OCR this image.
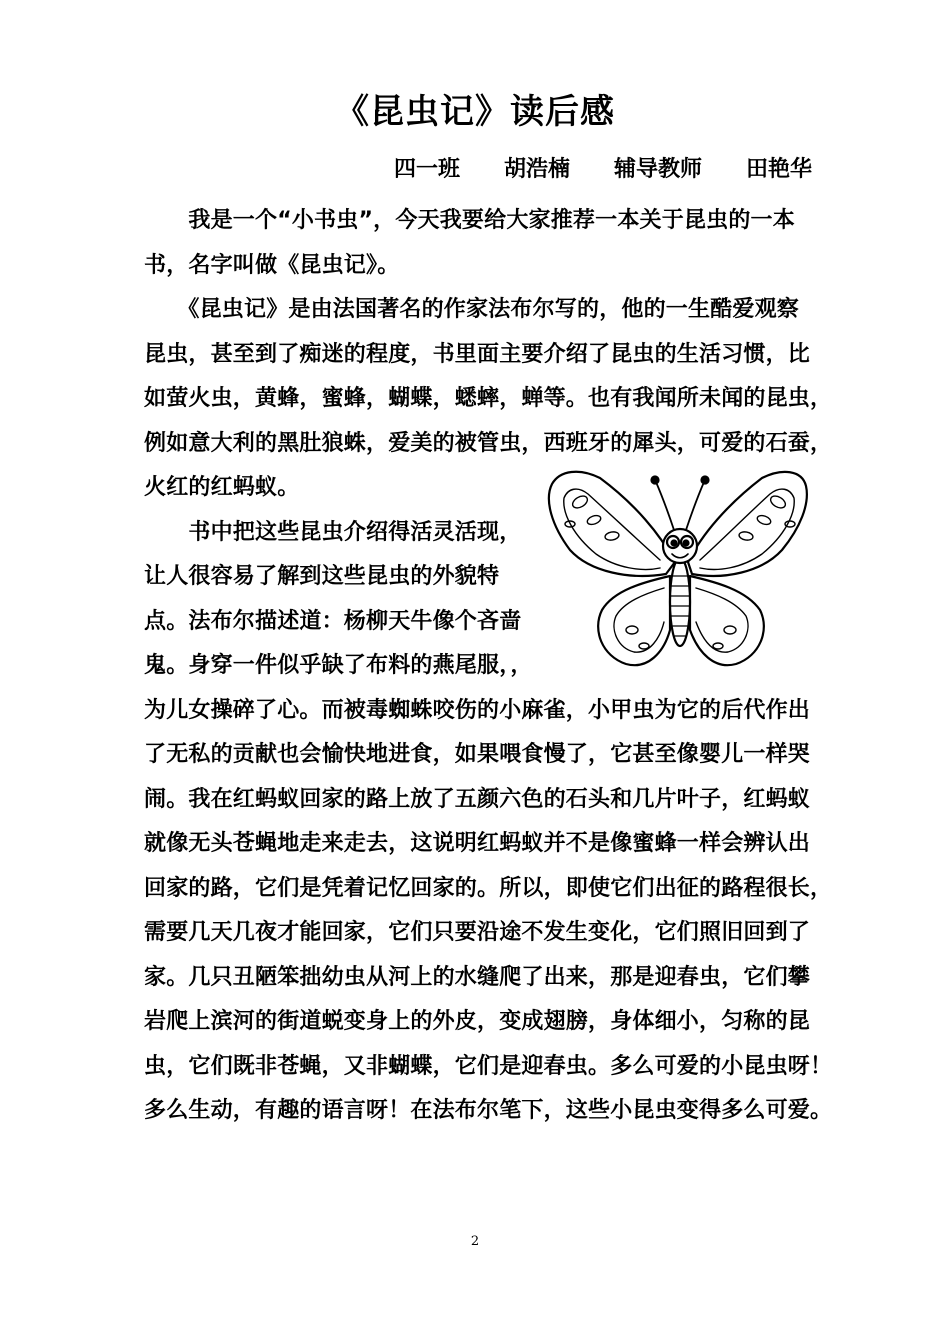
《昆虫记》读后感
四一班　　胡浩楠　　辅导教师　　田艳华
　　我是一个“小书虫”，今天我要给大家推荐一本关于昆虫的一本
书，名字叫做《昆虫记》。
　　《昆虫记》是由法国著名的作家法布尔写的，他的一生酷爱观察
昆虫，甚至到了痴迷的程度，书里面主要介绍了昆虫的生活习惯，比
如萤火虫，黄蜂，蜜蜂，蝴蝶，蟋蟀，蝉等。也有我闻所未闻的昆虫，
例如意大利的黑肚狼蛛，爱美的被管虫，西班牙的犀头，可爱的石蚕，
火红的红蚂蚁。
　　书中把这些昆虫介绍得活灵活现，
让人很容易了解到这些昆虫的外貌特
点。法布尔描述道：杨柳天牛像个吝啬
鬼。身穿一件似乎缺了布料的燕尾服，，
为儿女操碎了心。而被毒蜘蛛咬伤的小麻雀，小甲虫为它的后代作出
了无私的贡献也会愉快地进食，如果喂食慢了，它甚至像婴儿一样哭
闹。我在红蚂蚁回家的路上放了五颜六色的石头和几片叶子，红蚂蚁
就像无头苍蝇地走来走去，这说明红蚂蚁并不是像蜜蜂一样会辨认出
回家的路，它们是凭着记忆回家的。所以，即使它们出征的路程很长，
需要几天几夜才能回家，它们只要沿途不发生变化，它们照旧回到了
家。几只丑陋笨拙幼虫从河上的水缝爬了出来，那是迎春虫，它们攀
岩爬上滨河的街道蜕变身上的外皮，变成翅膀，身体细小，匀称的昆
虫，它们既非苍蝇，又非蝴蝶，它们是迎春虫。多么可爱的小昆虫呀！
多么生动，有趣的语言呀！在法布尔笔下，这些小昆虫变得多么可爱。
2
